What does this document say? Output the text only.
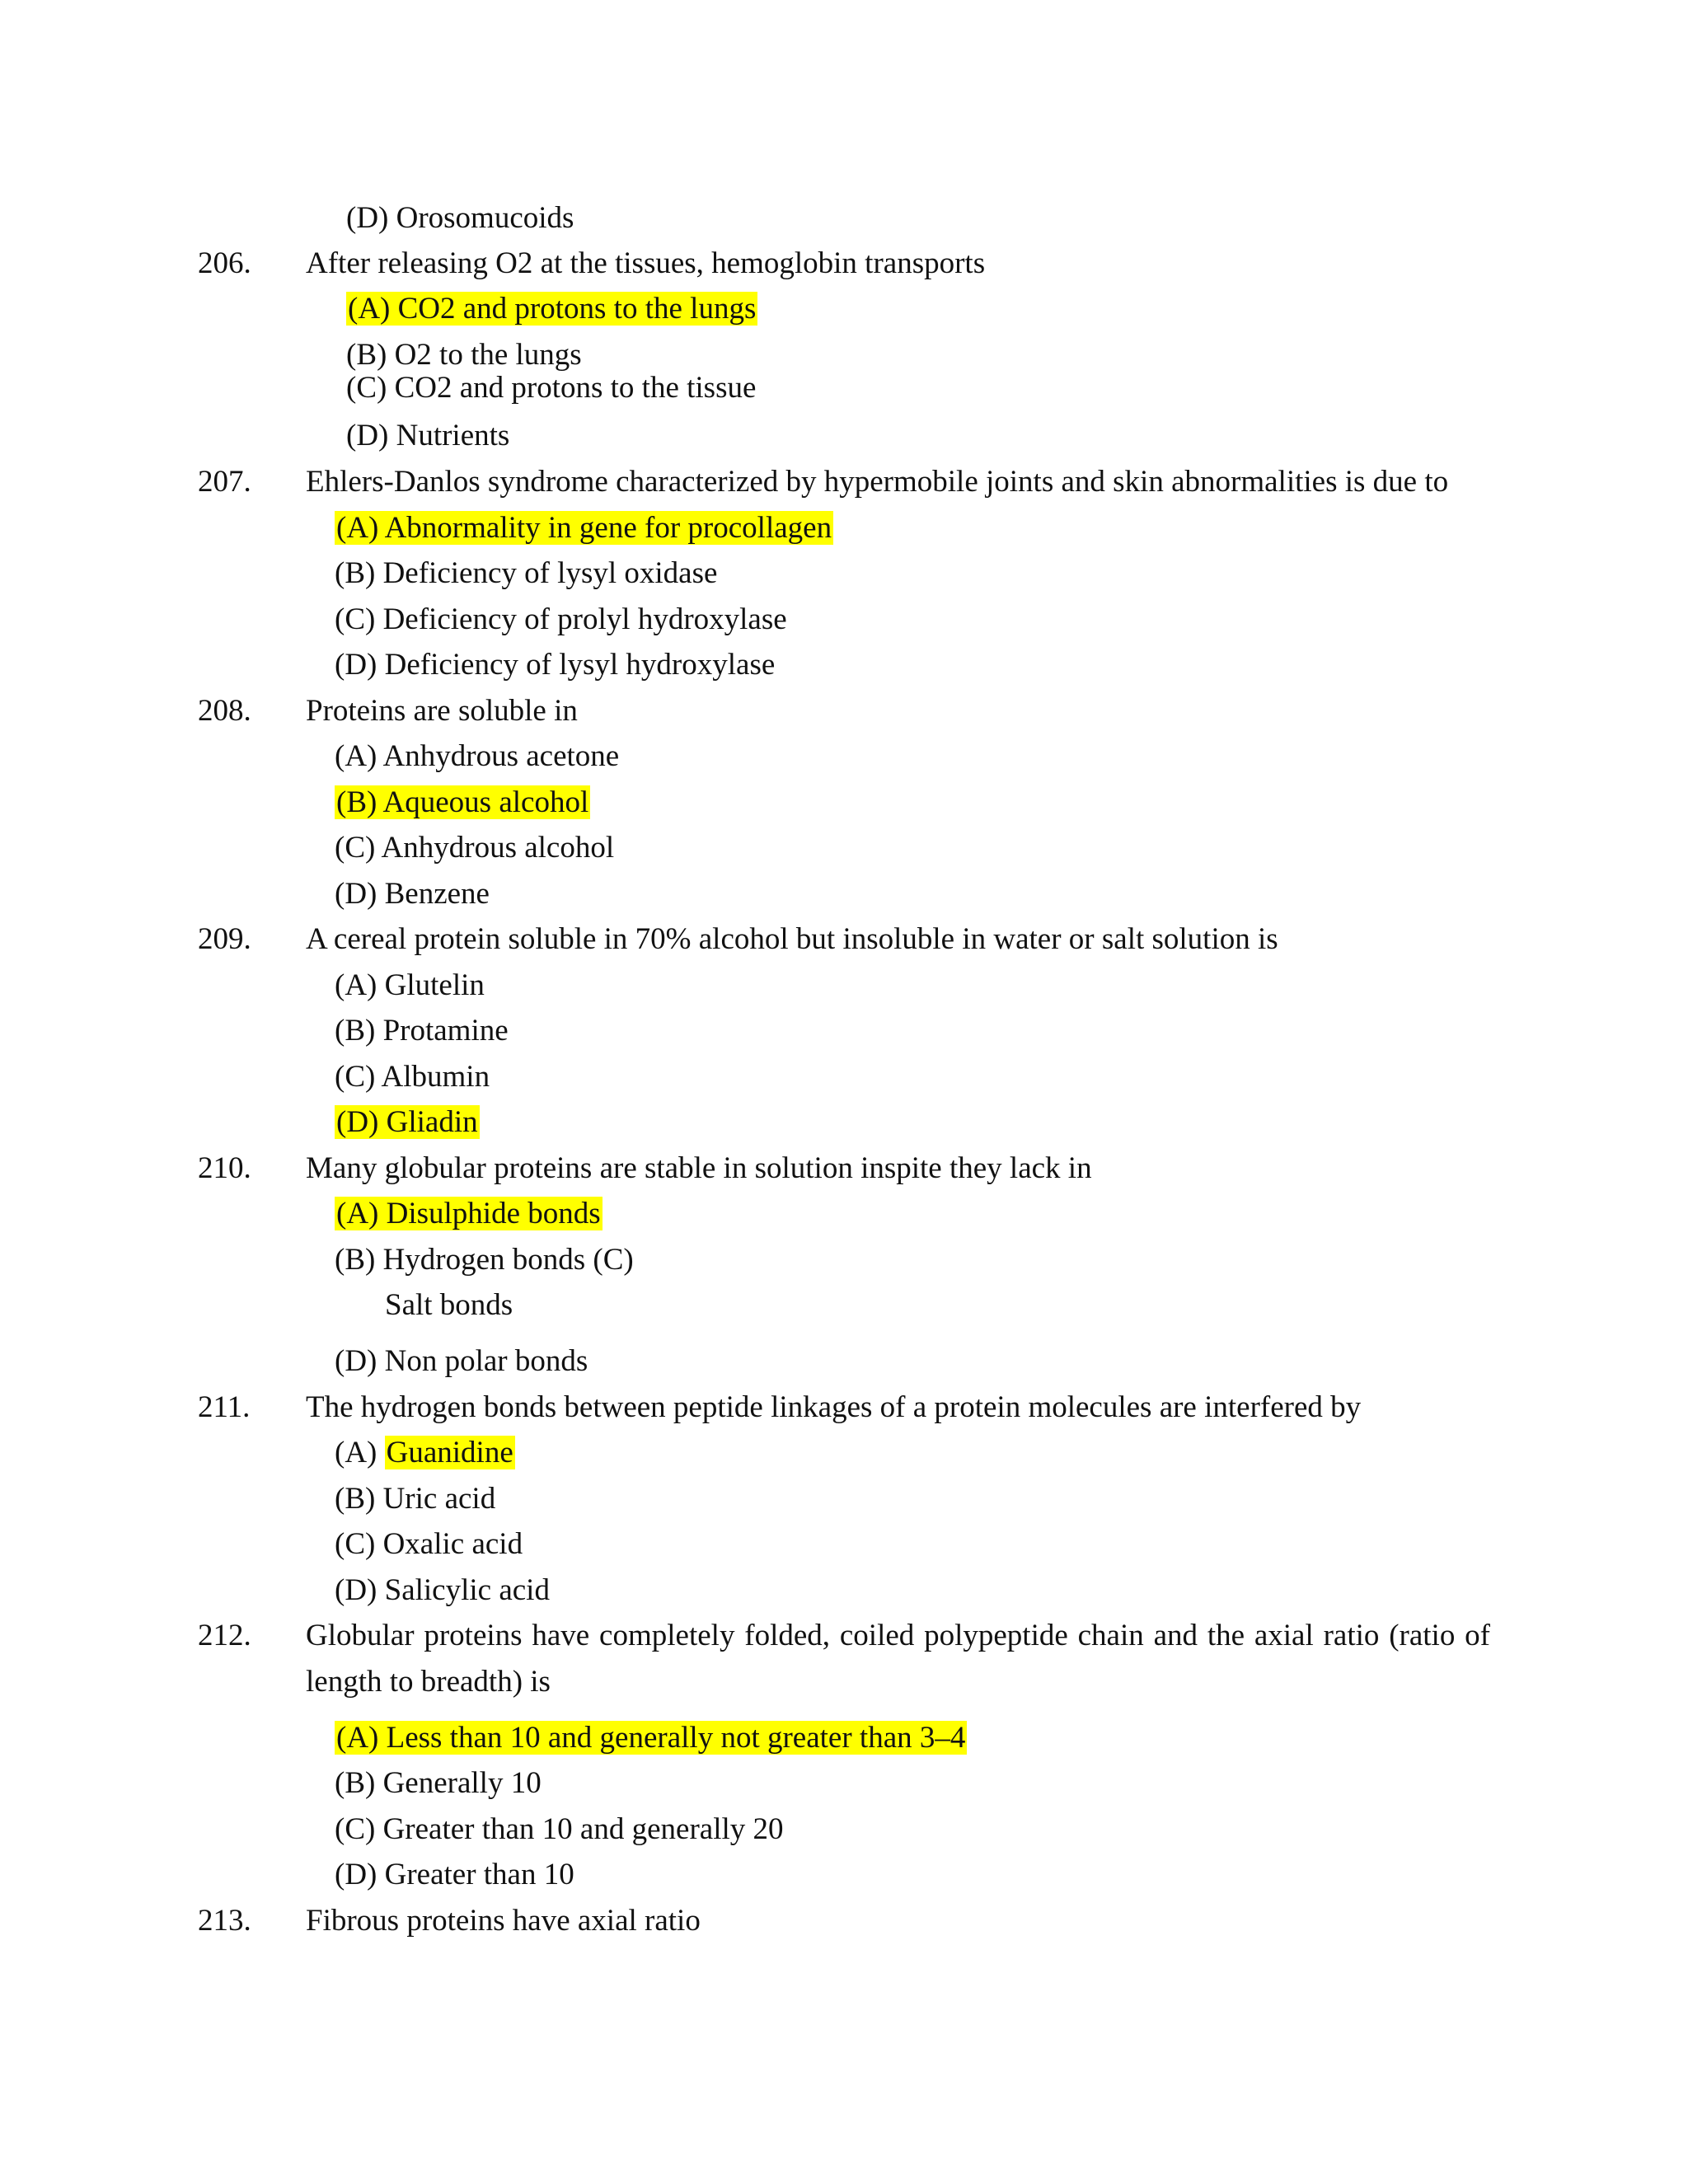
(D) Orosomucoids
206. After releasing O2 at the tissues, hemoglobin transports
(A) CO2 and protons to the lungs
(B) O2 to the lungs
(C) CO2 and protons to the tissue
(D) Nutrients
207. Ehlers-Danlos syndrome characterized by hypermobile joints and skin abnormalities is due to
(A) Abnormality in gene for procollagen
(B) Deficiency of lysyl oxidase
(C) Deficiency of prolyl hydroxylase
(D) Deficiency of lysyl hydroxylase
208. Proteins are soluble in
(A) Anhydrous acetone
(B) Aqueous alcohol
(C) Anhydrous alcohol
(D) Benzene
209. A cereal protein soluble in 70% alcohol but insoluble in water or salt solution is
(A) Glutelin
(B) Protamine
(C) Albumin
(D) Gliadin
210. Many globular proteins are stable in solution inspite they lack in
(A) Disulphide bonds
(B) Hydrogen bonds (C)
Salt bonds
(D) Non polar bonds
211. The hydrogen bonds between peptide linkages of a protein molecules are interfered by
(A) Guanidine
(B) Uric acid
(C) Oxalic acid
(D) Salicylic acid
212. Globular proteins have completely folded, coiled polypeptide chain and the axial ratio (ratio of
length to breadth) is
(A) Less than 10 and generally not greater than 3–4
(B) Generally 10
(C) Greater than 10 and generally 20
(D) Greater than 10
213. Fibrous proteins have axial ratio
